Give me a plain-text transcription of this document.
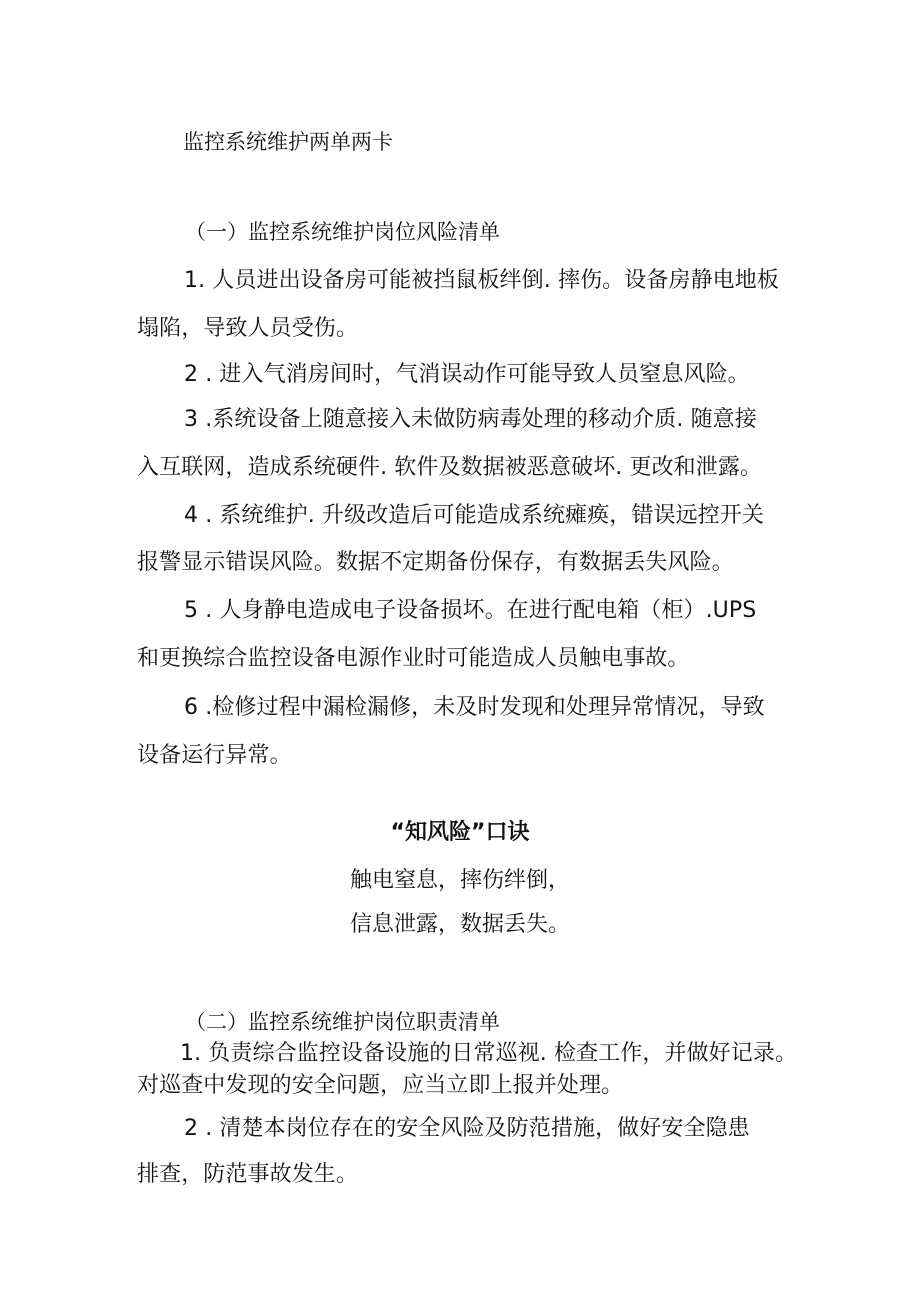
监控系统维护两单两卡
（一）监控系统维护岗位风险清单
1. 人员进出设备房可能被挡鼠板绊倒. 摔伤。设备房静电地板
塌陷，导致人员受伤。
2 . 进入气消房间时，气消误动作可能导致人员窒息风险。
3 .系统设备上随意接入未做防病毒处理的移动介质. 随意接
入互联网，造成系统硬件. 软件及数据被恶意破坏. 更改和泄露。
4 . 系统维护. 升级改造后可能造成系统瘫痪，错误远控开关
报警显示错误风险。数据不定期备份保存，有数据丢失风险。
5 . 人身静电造成电子设备损坏。在进行配电箱（柜）.UPS
和更换综合监控设备电源作业时可能造成人员触电事故。
6 .检修过程中漏检漏修，未及时发现和处理异常情况，导致
设备运行异常。
“知风险”口诀
触电窒息，摔伤绊倒，
信息泄露，数据丢失。
（二）监控系统维护岗位职责清单
1. 负责综合监控设备设施的日常巡视. 检查工作，并做好记录。
对巡查中发现的安全问题，应当立即上报并处理。
2 . 清楚本岗位存在的安全风险及防范措施，做好安全隐患
排查，防范事故发生。
